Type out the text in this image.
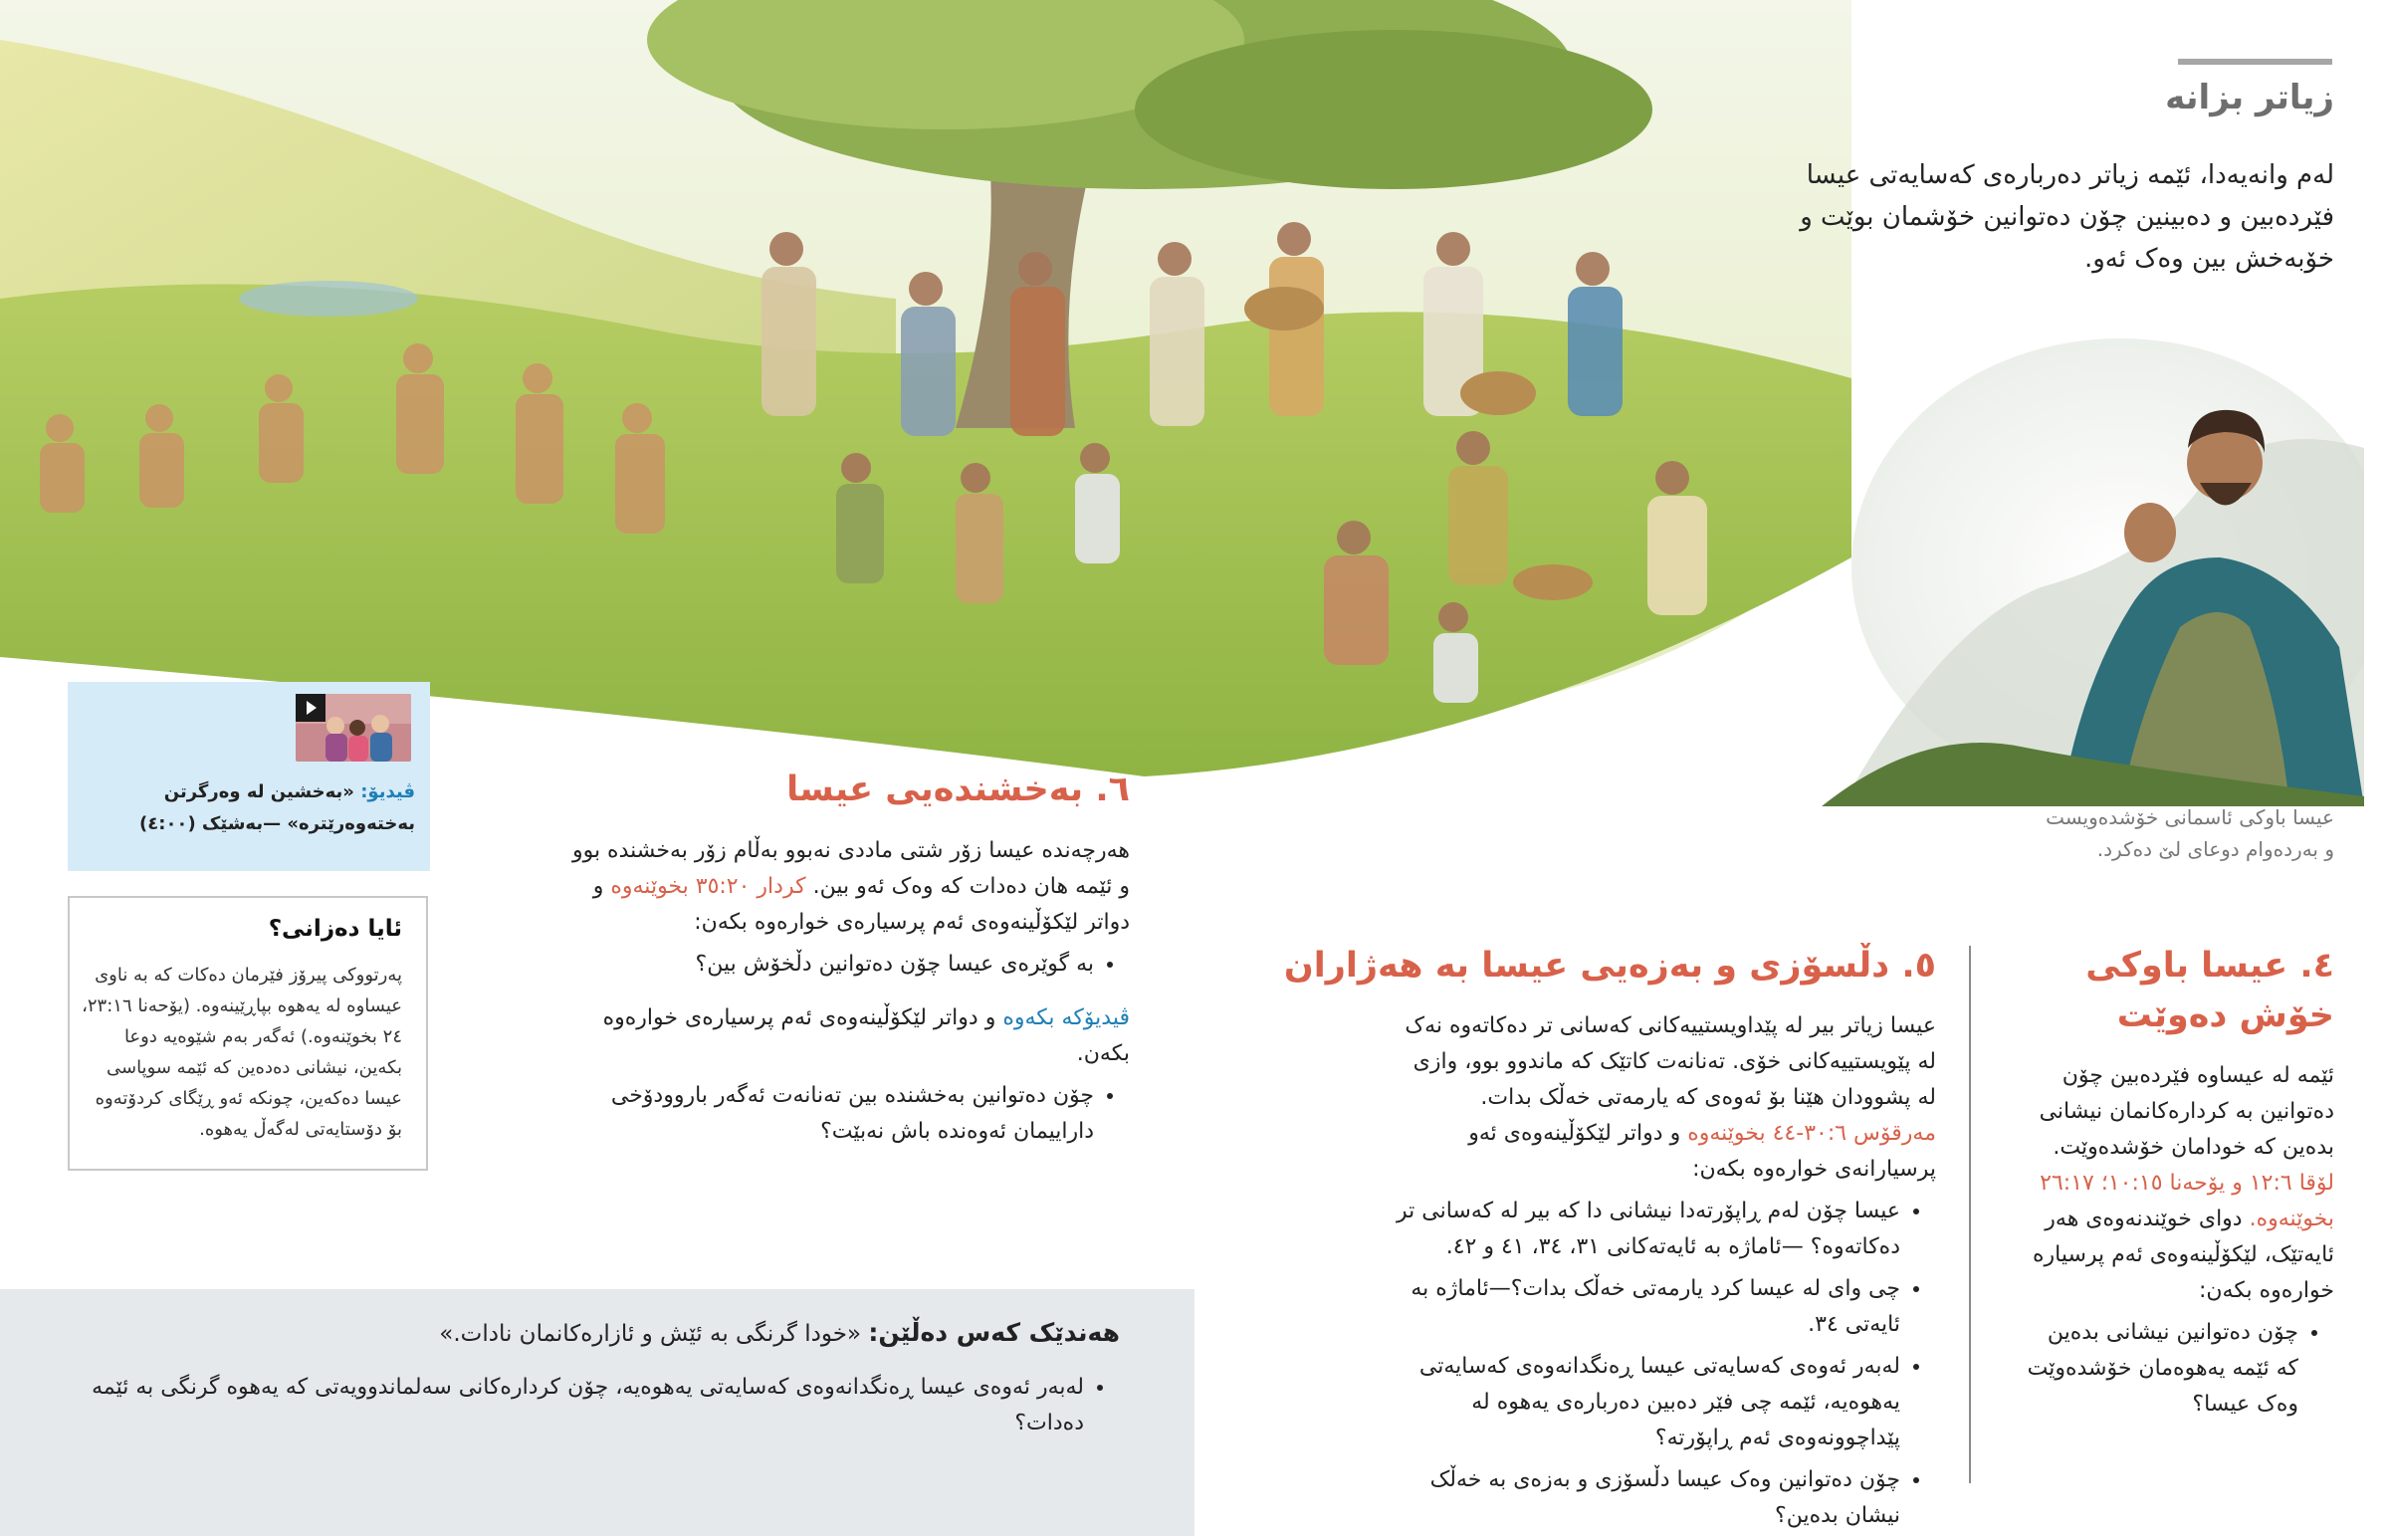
عیسا باوکی ئاسمانی خۆشدەویست و بەردەوام دوعای لێ دەکرد.
زیاتر بزانە
لەم وانەیەدا، ئێمە زیاتر دەربارەی کەسایەتی عیسا فێردەبین و دەبینین چۆن دەتوانین خۆشمان بوێت و خۆبەخش بین وەک ئەو.
٦. بەخشندەیی عیسا
هەرچەندە عیسا زۆر شتی ماددی نەبوو بەڵام زۆر بەخشندە بوو و ئێمە هان دەدات کە وەک ئەو بین. کردار ٣٥:٢٠ بخوێنەوە و دواتر لێکۆڵینەوەی ئەم پرسیارەی خوارەوە بکەن:
• بە گوێرەی عیسا چۆن دەتوانین دڵخۆش بین؟
ڤیدیۆکە بکەوە و دواتر لێکۆڵینەوەی ئەم پرسیارەی خوارەوە بکەن.
• چۆن دەتوانین بەخشندە بین تەنانەت ئەگەر باروودۆخی داراییمان ئەوەندە باش نەبێت؟
٥. دڵسۆزی و بەزەیی عیسا بە هەژاران
عیسا زیاتر بیر لە پێداویستییەکانی کەسانی تر دەکاتەوە نەک لە پێویستییەکانی خۆی. تەنانەت کاتێک کە ماندوو بوو، وازی لە پشوودان هێنا بۆ ئەوەی کە یارمەتی خەڵک بدات. مەرقۆس ٣٠:٦-٤٤ بخوێنەوە و دواتر لێکۆڵینەوەی ئەو پرسیارانەی خوارەوە بکەن:
• عیسا چۆن لەم ڕاپۆرتەدا نیشانی دا کە بیر لە کەسانی تر دەکاتەوە؟ —ئاماژە بە ئایەتەکانی ٣١، ٣٤، ٤١ و ٤٢.
• چی وای لە عیسا کرد یارمەتی خەڵک بدات؟—ئاماژە بە ئایەتی ٣٤.
• لەبەر ئەوەی کەسایەتی عیسا ڕەنگدانەوەی کەسایەتی یەهوەیە، ئێمە چی فێر دەبین دەربارەی یەهوە لە پێداچوونەوەی ئەم ڕاپۆرتە؟
• چۆن دەتوانین وەک عیسا دڵسۆزی و بەزەی بە خەڵک نیشان بدەین؟
٤. عیسا باوکی خۆش دەوێت
ئێمە لە عیساوە فێردەبین چۆن دەتوانین بە کردارەکانمان نیشانی بدەین کە خودامان خۆشدەوێت. لۆقا ١٢:٦ و یۆحەنا ١٠:١٥؛ ٢٦:١٧ بخوێنەوە. دوای خوێندنەوەی هەر ئایەتێک، لێکۆڵینەوەی ئەم پرسیارە خوارەوە بکەن:
• چۆن دەتوانین نیشانی بدەین کە ئێمە یەهوەمان خۆشدەوێت وەک عیسا؟
ڤیدیۆ: «بەخشین لە وەرگرتن بەختەوەرێترە» —بەشێک (٤:٠٠)
ئایا دەزانی؟
پەرتووکی پیرۆز فێرمان دەکات کە بە ناوی عیساوە لە یەهوە بپاڕێینەوە. (یۆحەنا ٢٣:١٦، ٢٤ بخوێنەوە.) ئەگەر بەم شێوەیە دوعا بکەین، نیشانی دەدەین کە ئێمە سوپاسی عیسا دەکەین، چونکە ئەو ڕێگای کردۆتەوە بۆ دۆستایەتی لەگەڵ یەهوە.
هەندێک کەس دەڵێن: «خودا گرنگی بە ئێش و ئازارەکانمان نادات.»
• لەبەر ئەوەی عیسا ڕەنگدانەوەی کەسایەتی یەهوەیە، چۆن کردارەکانی سەلماندوویەتی کە یەهوە گرنگی بە ئێمە دەدات؟
